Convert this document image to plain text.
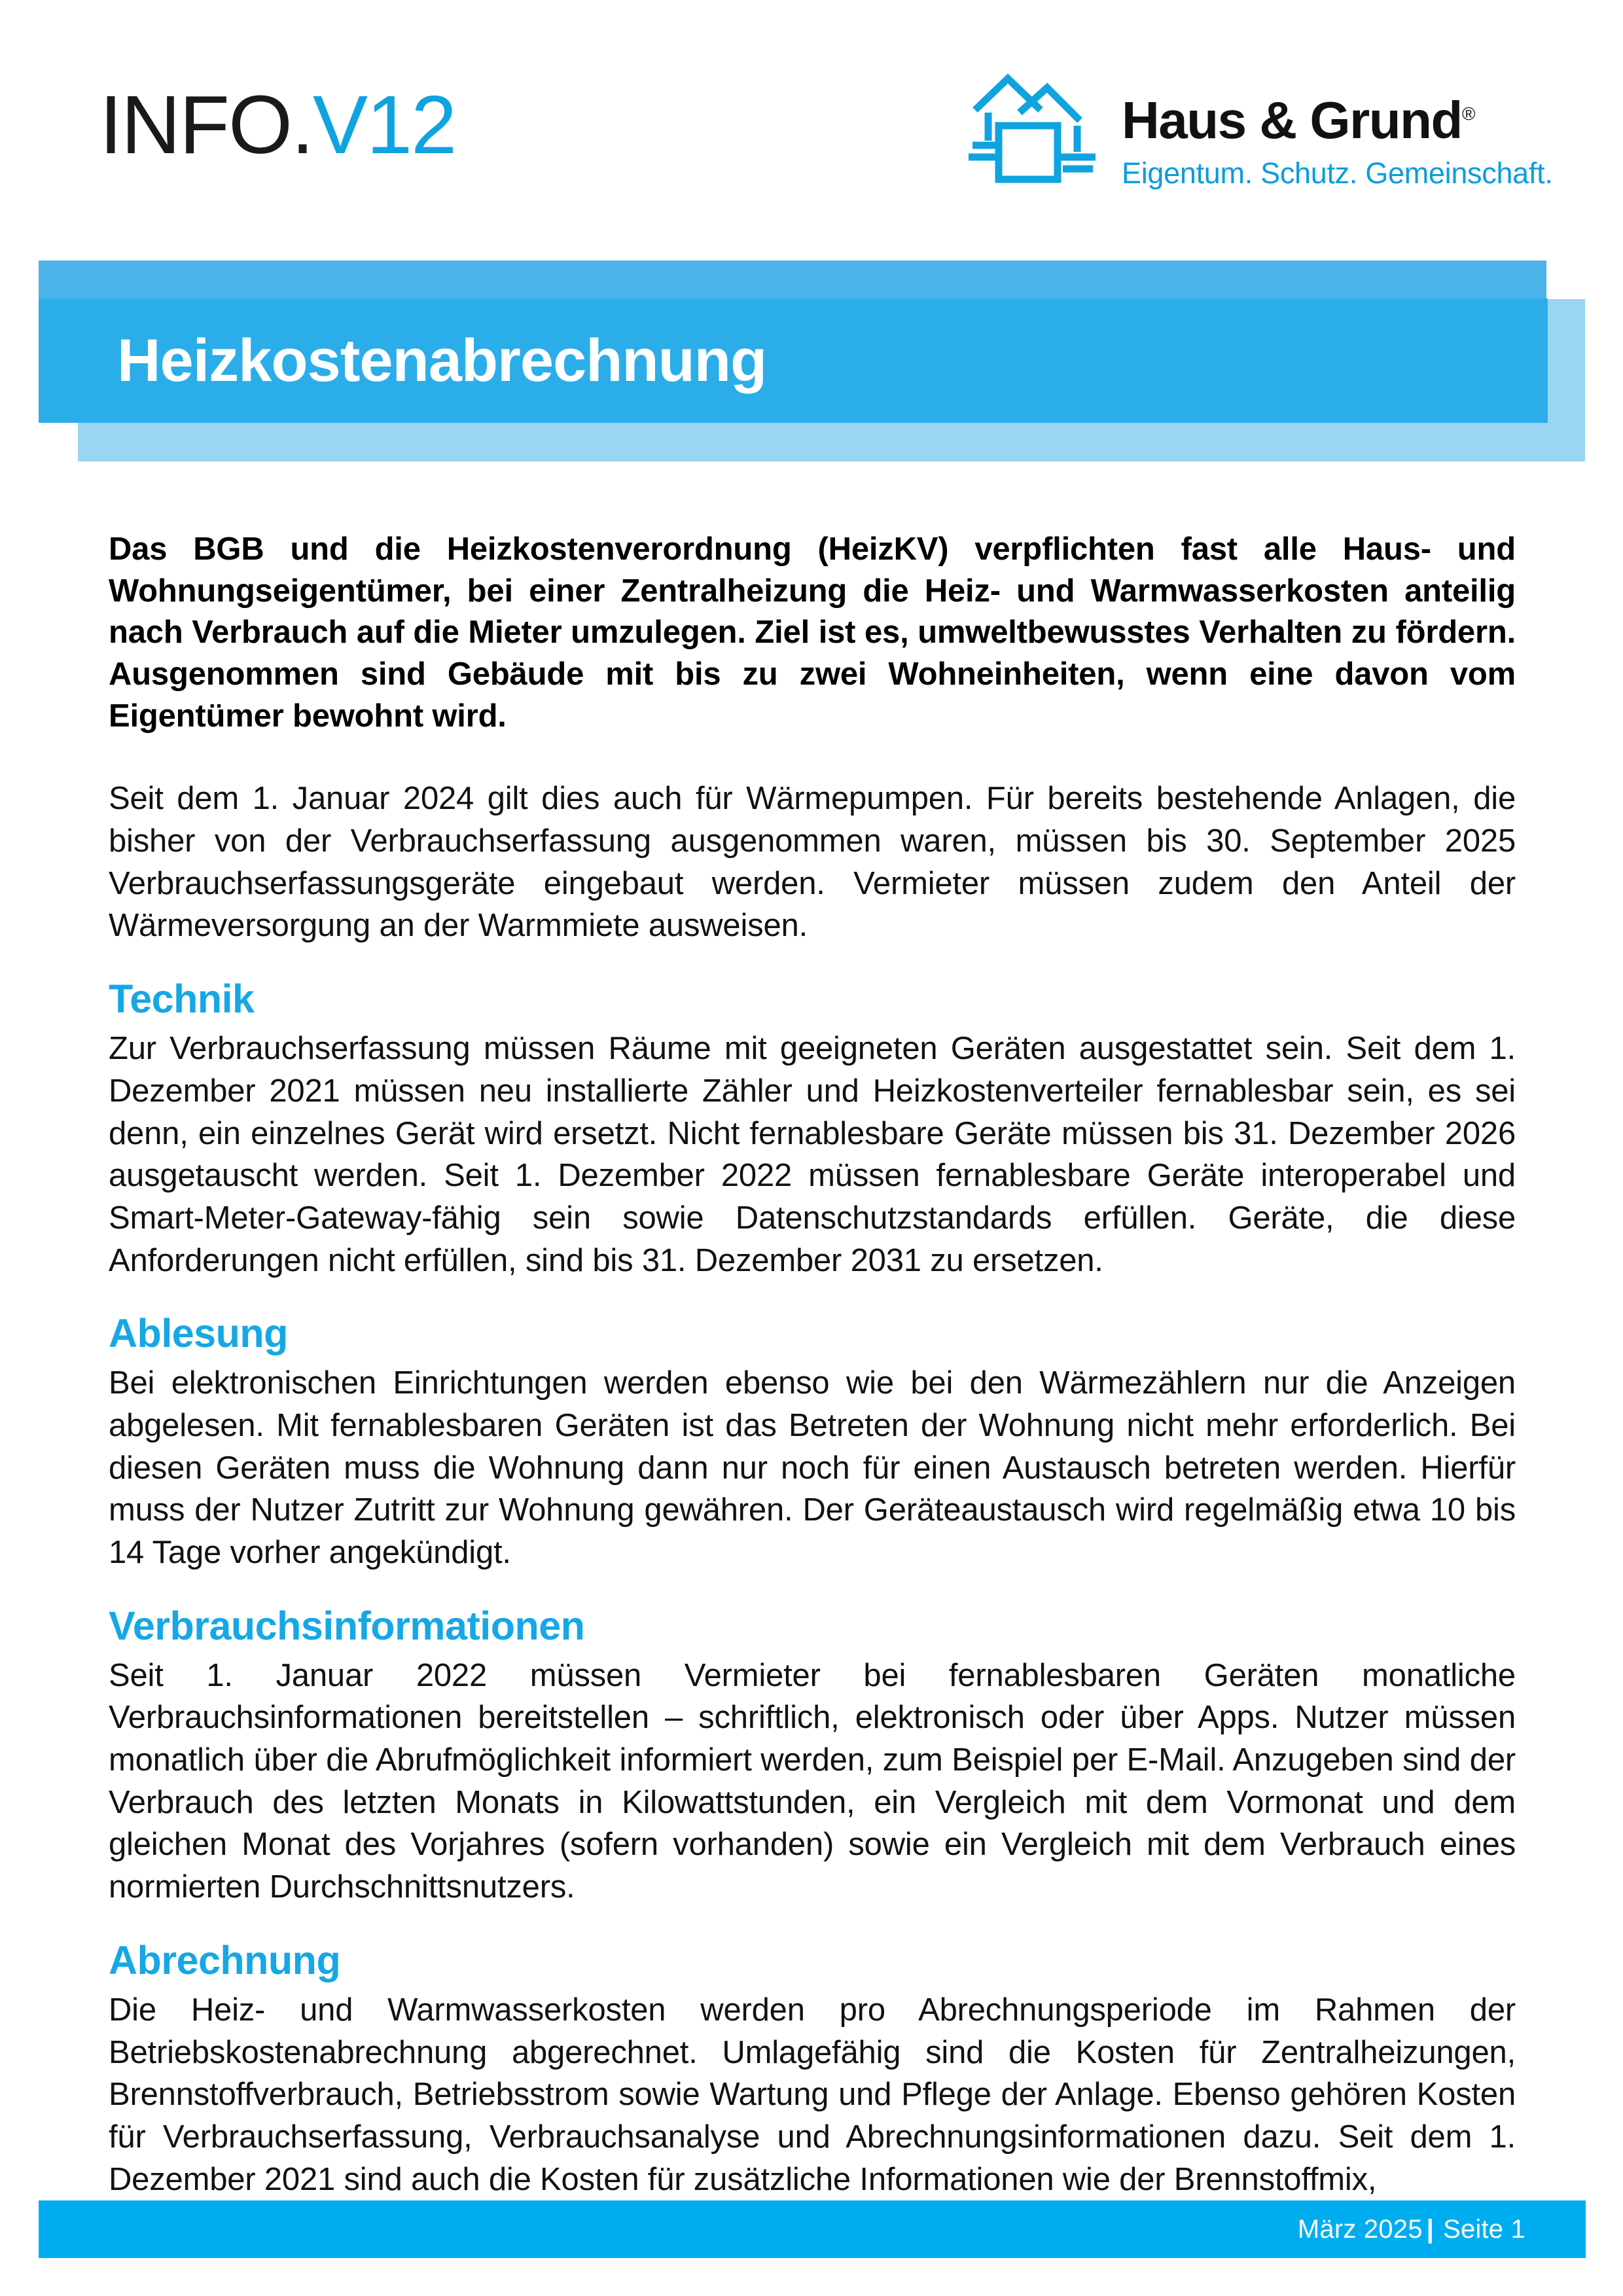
INFO.V12	Haus & Grund®
Eigentum. Schutz. Gemeinschaft.
Heizkostenabrechnung

Das BGB und die Heizkostenverordnung (HeizKV) verpflichten fast alle Haus- und Wohnungseigentümer, bei einer Zentralheizung die Heiz- und Warmwasserkosten anteilig nach Verbrauch auf die Mieter umzulegen. Ziel ist es, umweltbewusstes Verhalten zu fördern. Ausgenommen sind Gebäude mit bis zu zwei Wohneinheiten, wenn eine davon vom Eigentümer bewohnt wird.

Seit dem 1. Januar 2024 gilt dies auch für Wärmepumpen. Für bereits bestehende Anlagen, die bisher von der Verbrauchserfassung ausgenommen waren, müssen bis 30. September 2025 Verbrauchserfassungsgeräte eingebaut werden. Vermieter müssen zudem den Anteil der Wärmeversorgung an der Warmmiete ausweisen.

Technik

Zur Verbrauchserfassung müssen Räume mit geeigneten Geräten ausgestattet sein. Seit dem 1. Dezember 2021 müssen neu installierte Zähler und Heizkostenverteiler fernablesbar sein, es sei denn, ein einzelnes Gerät wird ersetzt. Nicht fernablesbare Geräte müssen bis 31. Dezember 2026 ausgetauscht werden. Seit 1. Dezember 2022 müssen fernablesbare Geräte interoperabel und Smart-Meter-Gateway-fähig sein sowie Datenschutzstandards erfüllen. Geräte, die diese Anforderungen nicht erfüllen, sind bis 31. Dezember 2031 zu ersetzen.

Ablesung

Bei elektronischen Einrichtungen werden ebenso wie bei den Wärmezählern nur die Anzeigen abgelesen. Mit fernablesbaren Geräten ist das Betreten der Wohnung nicht mehr erforderlich. Bei diesen Geräten muss die Wohnung dann nur noch für einen Austausch betreten werden. Hierfür muss der Nutzer Zutritt zur Wohnung gewähren. Der Geräteaustausch wird regelmäßig etwa 10 bis 14 Tage vorher angekündigt.

Verbrauchsinformationen

Seit 1. Januar 2022 müssen Vermieter bei fernablesbaren Geräten monatliche Verbrauchsinformationen bereitstellen – schriftlich, elektronisch oder über Apps. Nutzer müssen monatlich über die Abrufmöglichkeit informiert werden, zum Beispiel per E-Mail. Anzugeben sind der Verbrauch des letzten Monats in Kilowattstunden, ein Vergleich mit dem Vormonat und dem gleichen Monat des Vorjahres (sofern vorhanden) sowie ein Vergleich mit dem Verbrauch eines normierten Durchschnittsnutzers.

Abrechnung

Die Heiz- und Warmwasserkosten werden pro Abrechnungsperiode im Rahmen der Betriebskostenabrechnung abgerechnet. Umlagefähig sind die Kosten für Zentralheizungen, Brennstoffverbrauch, Betriebsstrom sowie Wartung und Pflege der Anlage. Ebenso gehören Kosten für Verbrauchserfassung, Verbrauchsanalyse und Abrechnungsinformationen dazu. Seit dem 1. Dezember 2021 sind auch die Kosten für zusätzliche Informationen wie der Brennstoffmix,

März 2025 | Seite 1
